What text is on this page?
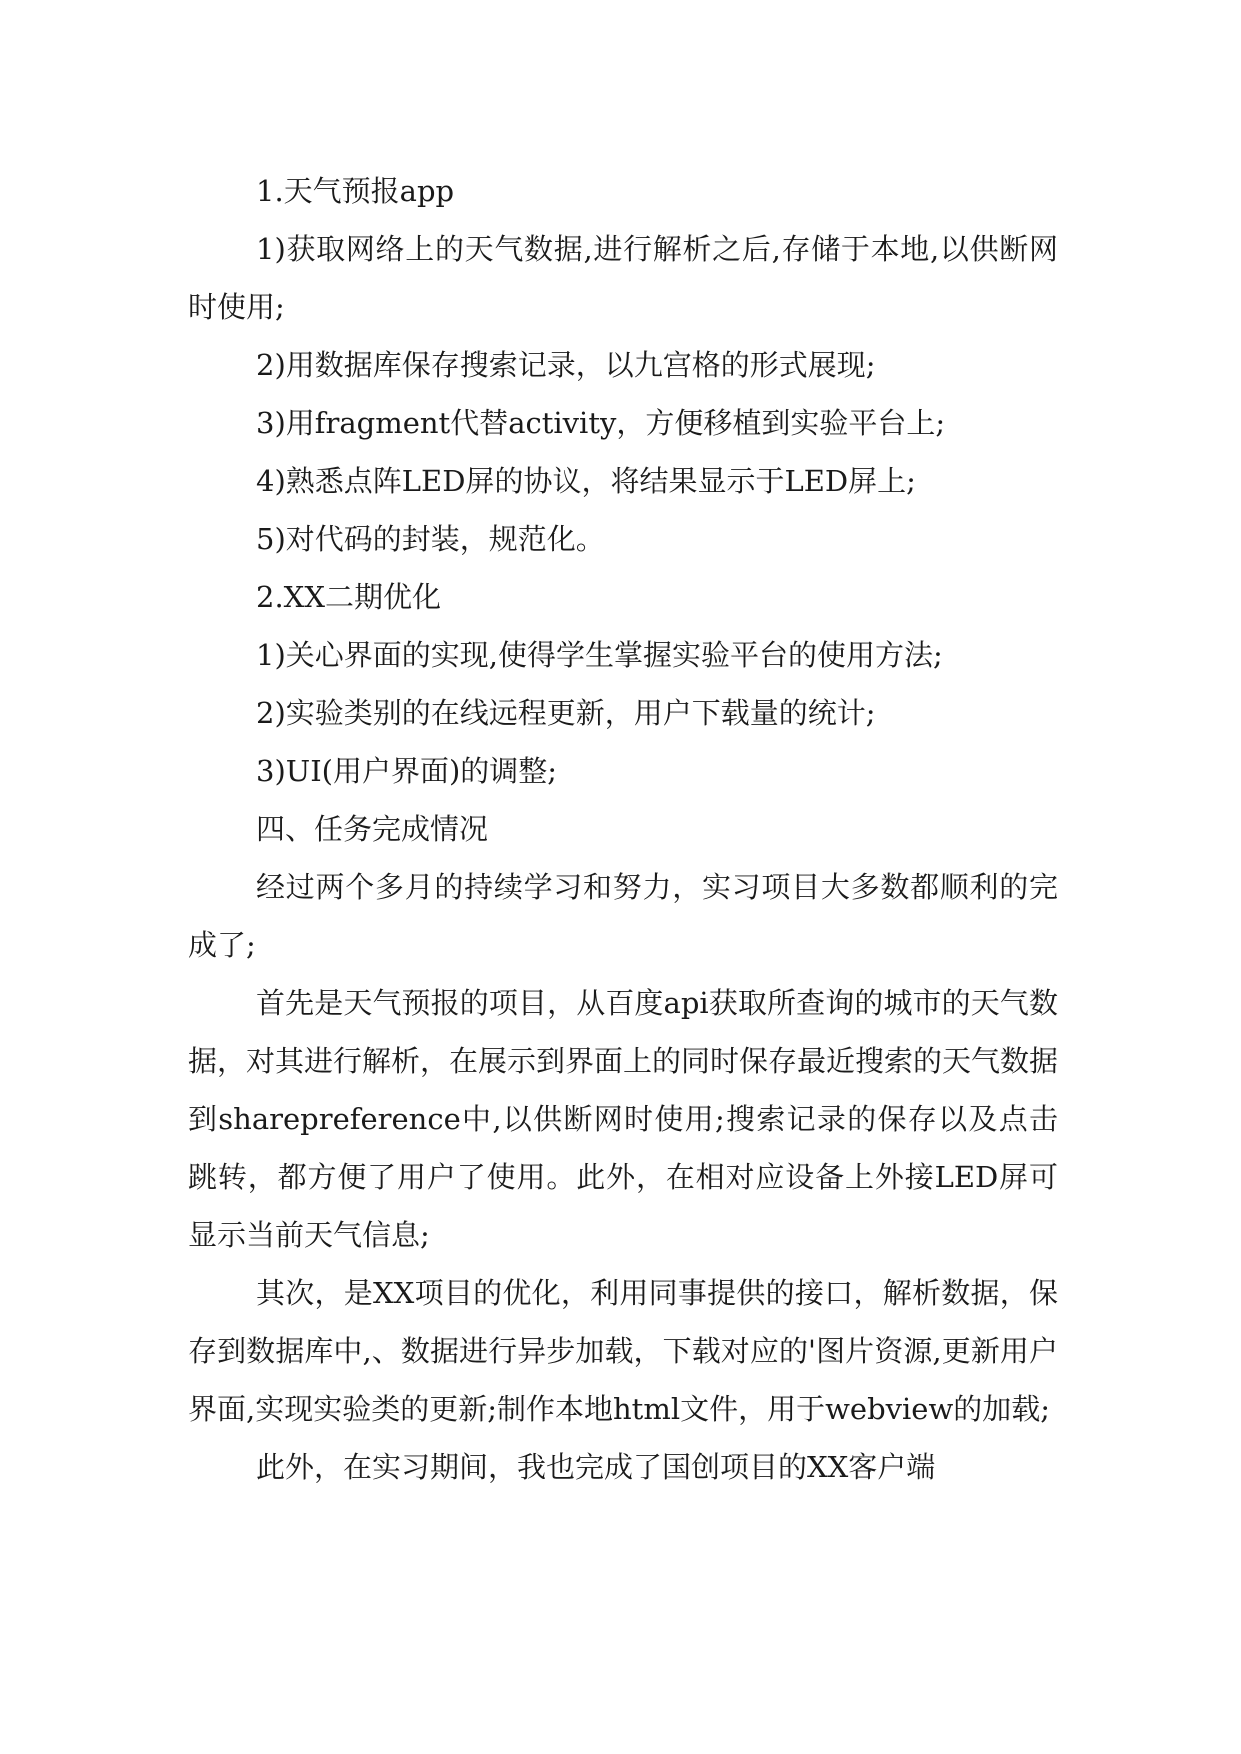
1.天气预报app

1)获取网络上的天气数据,进行解析之后,存储于本地,以供断网时使用;

2)用数据库保存搜索记录，以九宫格的形式展现;

3)用fragment代替activity，方便移植到实验平台上;

4)熟悉点阵LED屏的协议，将结果显示于LED屏上;

5)对代码的封装，规范化。

2.XX二期优化

1)关心界面的实现,使得学生掌握实验平台的使用方法;

2)实验类别的在线远程更新，用户下载量的统计;

3)UI(用户界面)的调整;

四、任务完成情况

经过两个多月的持续学习和努力，实习项目大多数都顺利的完成了;

首先是天气预报的项目，从百度api获取所查询的城市的天气数据，对其进行解析，在展示到界面上的同时保存最近搜索的天气数据到sharepreference中,以供断网时使用;搜索记录的保存以及点击跳转，都方便了用户了使用。此外，在相对应设备上外接LED屏可显示当前天气信息;

其次，是XX项目的优化，利用同事提供的接口，解析数据，保存到数据库中,、数据进行异步加载，下载对应的'图片资源,更新用户界面,实现实验类的更新;制作本地html文件，用于webview的加载;

此外，在实习期间，我也完成了国创项目的XX客户端
